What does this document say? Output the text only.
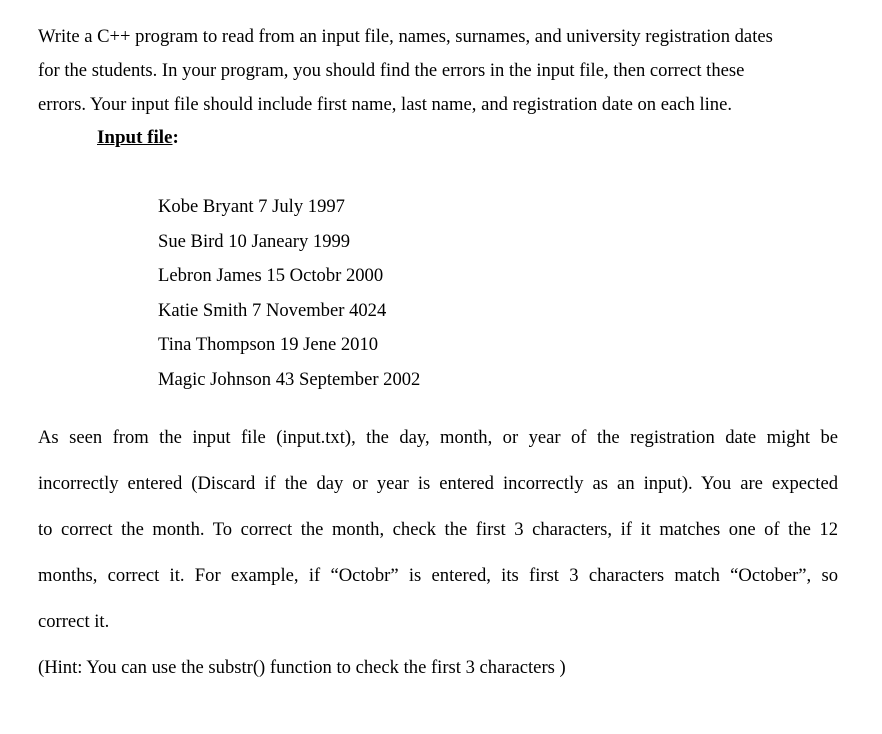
Write a C++ program to read from an input file, names, surnames, and university registration dates
for the students. In your program, you should find the errors in the input file, then correct these
errors. Your input file should include first name, last name, and registration date on each line.
Input file:
Kobe Bryant 7 July 1997
Sue Bird 10 Janeary 1999
Lebron James 15 Octobr 2000
Katie Smith 7 November 4024
Tina Thompson 19 Jene 2010
Magic Johnson 43 September 2002
As seen from the input file (input.txt), the day, month, or year of the registration date might be
incorrectly entered (Discard if the day or year is entered incorrectly as an input). You are expected
to correct the month. To correct the month, check the first 3 characters, if it matches one of the 12
months, correct it. For example, if “Octobr” is entered, its first 3 characters match “October”, so
correct it.
(Hint: You can use the substr() function to check the first 3 characters )
